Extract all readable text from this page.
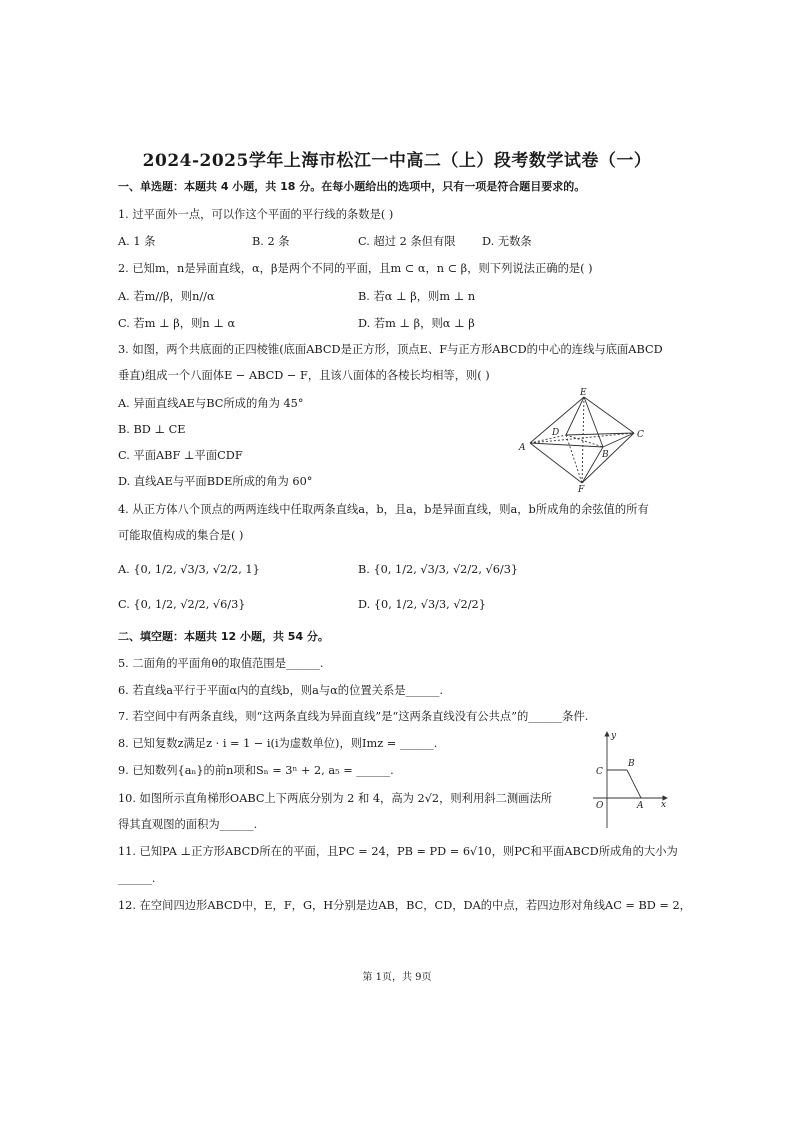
2024-2025学年上海市松江一中高二（上）段考数学试卷（一）
一、单选题：本题共 4 小题，共 18 分。在每小题给出的选项中，只有一项是符合题目要求的。
1. 过平面外一点，可以作这个平面的平行线的条数是( )
A. 1 条	B. 2 条	C. 超过 2 条但有限 D. 无数条
2. 已知m，n是异面直线，α，β是两个不同的平面，且m ⊂ α，n ⊂ β，则下列说法正确的是( )
A. 若m//β，则n//α	B. 若α ⊥ β，则m ⊥ n
C. 若m ⊥ β，则n ⊥ α	D. 若m ⊥ β，则α ⊥ β
3. 如图，两个共底面的正四棱锥(底面ABCD是正方形，顶点E、F与正方形ABCD的中心的连线与底面ABCD
垂直)组成一个八面体E − ABCD − F，且该八面体的各棱长均相等，则( )
A. 异面直线AE与BC所成的角为 45°
B. BD ⊥ CE
C. 平面ABF ⊥平面CDF
D. 直线AE与平面BDE所成的角为 60°
E
D	C
A
B
F
4. 从正方体八个顶点的两两连线中任取两条直线a，b，且a，b是异面直线，则a，b所成角的余弦值的所有
可能取值构成的集合是( )
A. {0, 1/2, √3/3, √2/2, 1}	B. {0, 1/2, √3/3, √2/2, √6/3}
C. {0, 1/2, √2/2, √6/3}	D. {0, 1/2, √3/3, √2/2}
二、填空题：本题共 12 小题，共 54 分。
5. 二面角的平面角θ的取值范围是______.
6. 若直线a平行于平面α内的直线b，则a与α的位置关系是______.
7. 若空间中有两条直线，则“这两条直线为异面直线”是“这两条直线没有公共点”的______条件.
8. 已知复数z满足z · i = 1 − i(i为虚数单位)，则Imz = ______.
9. 已知数列{aₙ}的前n项和Sₙ = 3ⁿ + 2, a₅ = ______.
10. 如图所示直角梯形OABC上下两底分别为 2 和 4，高为 2√2，则利用斜二测画法所
得其直观图的面积为______.
y
C
B
O	A x
11. 已知PA ⊥正方形ABCD所在的平面，且PC = 24，PB = PD = 6√10，则PC和平面ABCD所成角的大小为
______.
12. 在空间四边形ABCD中，E，F，G，H分别是边AB，BC，CD，DA的中点，若四边形对角线AC = BD = 2，
第 1页，共 9页
